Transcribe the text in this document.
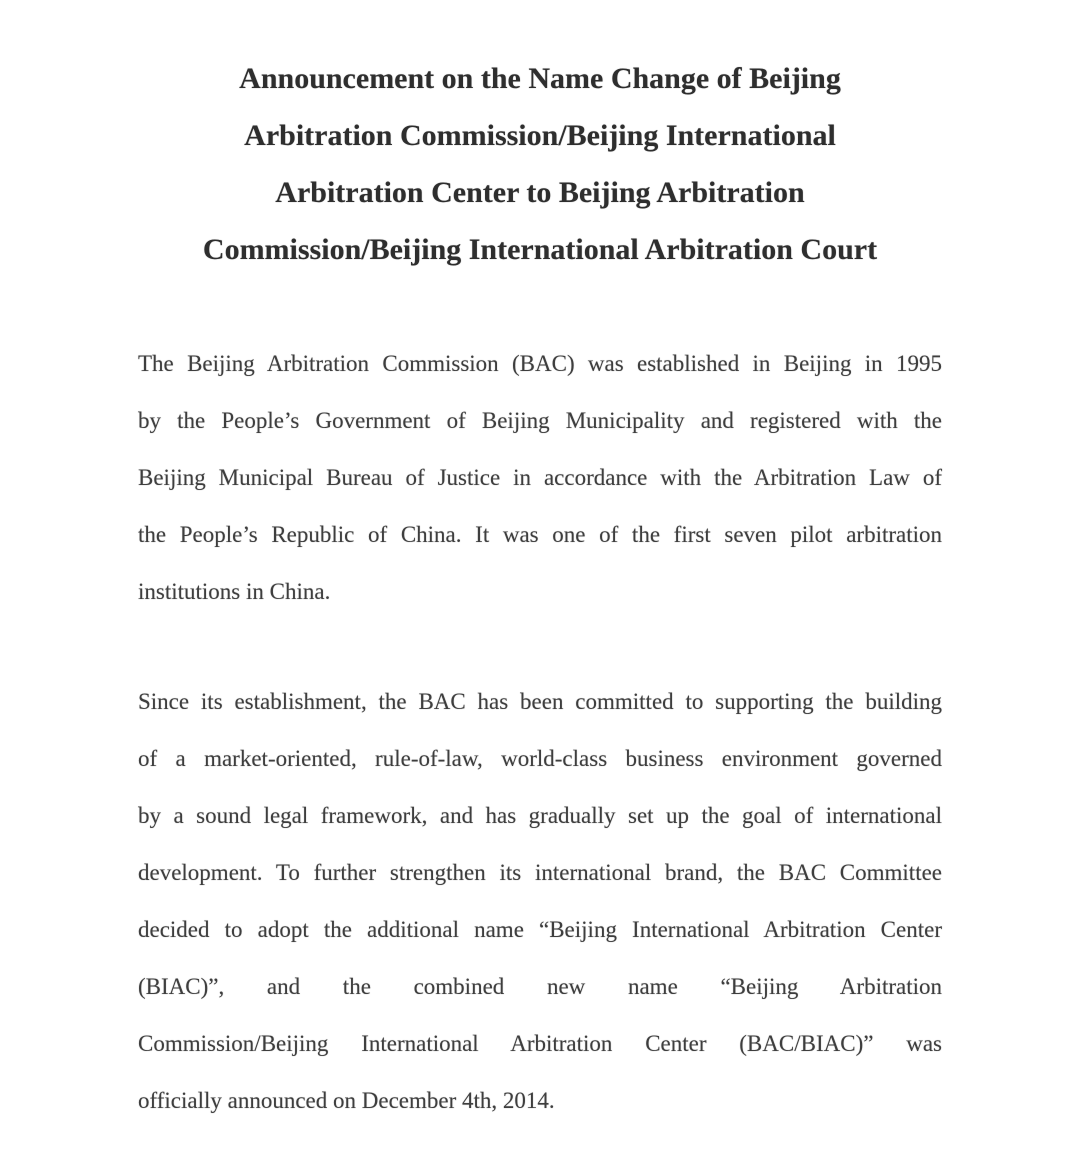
Announcement on the Name Change of Beijing
Arbitration Commission/Beijing International
Arbitration Center to Beijing Arbitration
Commission/Beijing International Arbitration Court
The Beijing Arbitration Commission (BAC) was established in Beijing in 1995
by the People’s Government of Beijing Municipality and registered with the
Beijing Municipal Bureau of Justice in accordance with the Arbitration Law of
the People’s Republic of China. It was one of the first seven pilot arbitration
institutions in China.
Since its establishment, the BAC has been committed to supporting the building
of a market-oriented, rule-of-law, world-class business environment governed
by a sound legal framework, and has gradually set up the goal of international
development. To further strengthen its international brand, the BAC Committee
decided to adopt the additional name “Beijing International Arbitration Center
(BIAC)”, and the combined new name “Beijing Arbitration
Commission/Beijing International Arbitration Center (BAC/BIAC)” was
officially announced on December 4th, 2014.
